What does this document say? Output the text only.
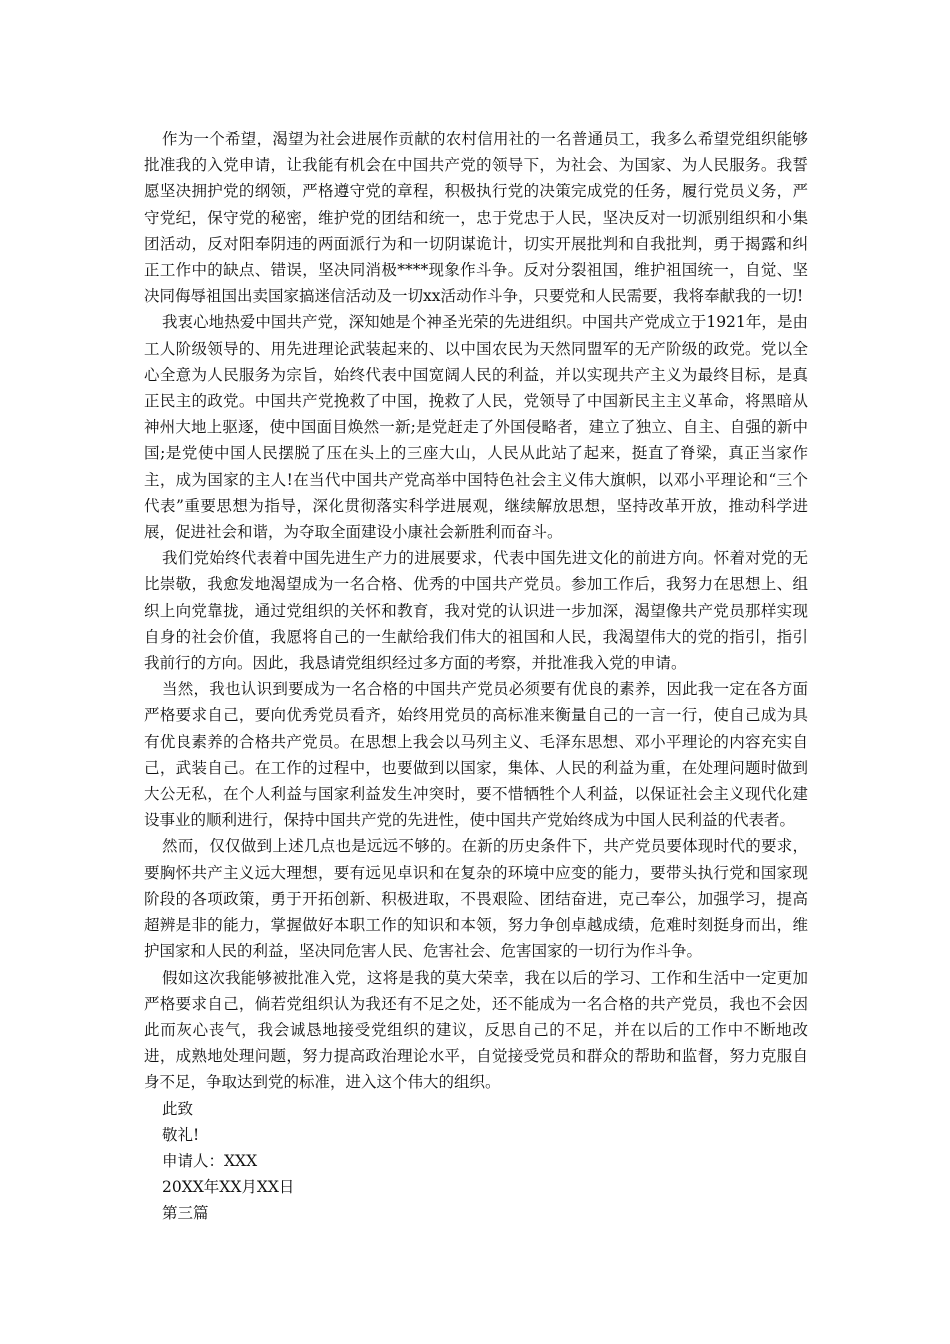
作为一个希望，渴望为社会进展作贡献的农村信用社的一名普通员工，我多么希望党组织能够批准我的入党申请，让我能有机会在中国共产党的领导下，为社会、为国家、为人民服务。我誓愿坚决拥护党的纲领，严格遵守党的章程，积极执行党的决策完成党的任务，履行党员义务，严守党纪，保守党的秘密，维护党的团结和统一，忠于党忠于人民，坚决反对一切派别组织和小集团活动，反对阳奉阴违的两面派行为和一切阴谋诡计，切实开展批判和自我批判，勇于揭露和纠正工作中的缺点、错误，坚决同消极****现象作斗争。反对分裂祖国，维护祖国统一，自觉、坚决同侮辱祖国出卖国家搞迷信活动及一切xx活动作斗争，只要党和人民需要，我将奉献我的一切!

我衷心地热爱中国共产党，深知她是个神圣光荣的先进组织。中国共产党成立于1921年，是由工人阶级领导的、用先进理论武装起来的、以中国农民为天然同盟军的无产阶级的政党。党以全心全意为人民服务为宗旨，始终代表中国宽阔人民的利益，并以实现共产主义为最终目标，是真正民主的政党。中国共产党挽救了中国，挽救了人民，党领导了中国新民主主义革命，将黑暗从神州大地上驱逐，使中国面目焕然一新;是党赶走了外国侵略者，建立了独立、自主、自强的新中国;是党使中国人民摆脱了压在头上的三座大山，人民从此站了起来，挺直了脊梁，真正当家作主，成为国家的主人!在当代中国共产党高举中国特色社会主义伟大旗帜，以邓小平理论和“三个代表”重要思想为指导，深化贯彻落实科学进展观，继续解放思想，坚持改革开放，推动科学进展，促进社会和谐，为夺取全面建设小康社会新胜利而奋斗。

我们党始终代表着中国先进生产力的进展要求，代表中国先进文化的前进方向。怀着对党的无比崇敬，我愈发地渴望成为一名合格、优秀的中国共产党员。参加工作后，我努力在思想上、组织上向党靠拢，通过党组织的关怀和教育，我对党的认识进一步加深，渴望像共产党员那样实现自身的社会价值，我愿将自己的一生献给我们伟大的祖国和人民，我渴望伟大的党的指引，指引我前行的方向。因此，我恳请党组织经过多方面的考察，并批准我入党的申请。

当然，我也认识到要成为一名合格的中国共产党员必须要有优良的素养，因此我一定在各方面严格要求自己，要向优秀党员看齐，始终用党员的高标准来衡量自己的一言一行，使自己成为具有优良素养的合格共产党员。在思想上我会以马列主义、毛泽东思想、邓小平理论的内容充实自己，武装自己。在工作的过程中，也要做到以国家，集体、人民的利益为重，在处理问题时做到大公无私，在个人利益与国家利益发生冲突时，要不惜牺牲个人利益，以保证社会主义现代化建设事业的顺利进行，保持中国共产党的先进性，使中国共产党始终成为中国人民利益的代表者。

然而，仅仅做到上述几点也是远远不够的。在新的历史条件下，共产党员要体现时代的要求，要胸怀共产主义远大理想，要有远见卓识和在复杂的环境中应变的能力，要带头执行党和国家现阶段的各项政策，勇于开拓创新、积极进取，不畏艰险、团结奋进，克己奉公，加强学习，提高超辨是非的能力，掌握做好本职工作的知识和本领，努力争创卓越成绩，危难时刻挺身而出，维护国家和人民的利益，坚决同危害人民、危害社会、危害国家的一切行为作斗争。

假如这次我能够被批准入党，这将是我的莫大荣幸，我在以后的学习、工作和生活中一定更加严格要求自己，倘若党组织认为我还有不足之处，还不能成为一名合格的共产党员，我也不会因此而灰心丧气，我会诚恳地接受党组织的建议，反思自己的不足，并在以后的工作中不断地改进，成熟地处理问题，努力提高政治理论水平，自觉接受党员和群众的帮助和监督，努力克服自身不足，争取达到党的标准，进入这个伟大的组织。

此致

敬礼!

申请人：XXX

20XX年XX月XX日

第三篇
